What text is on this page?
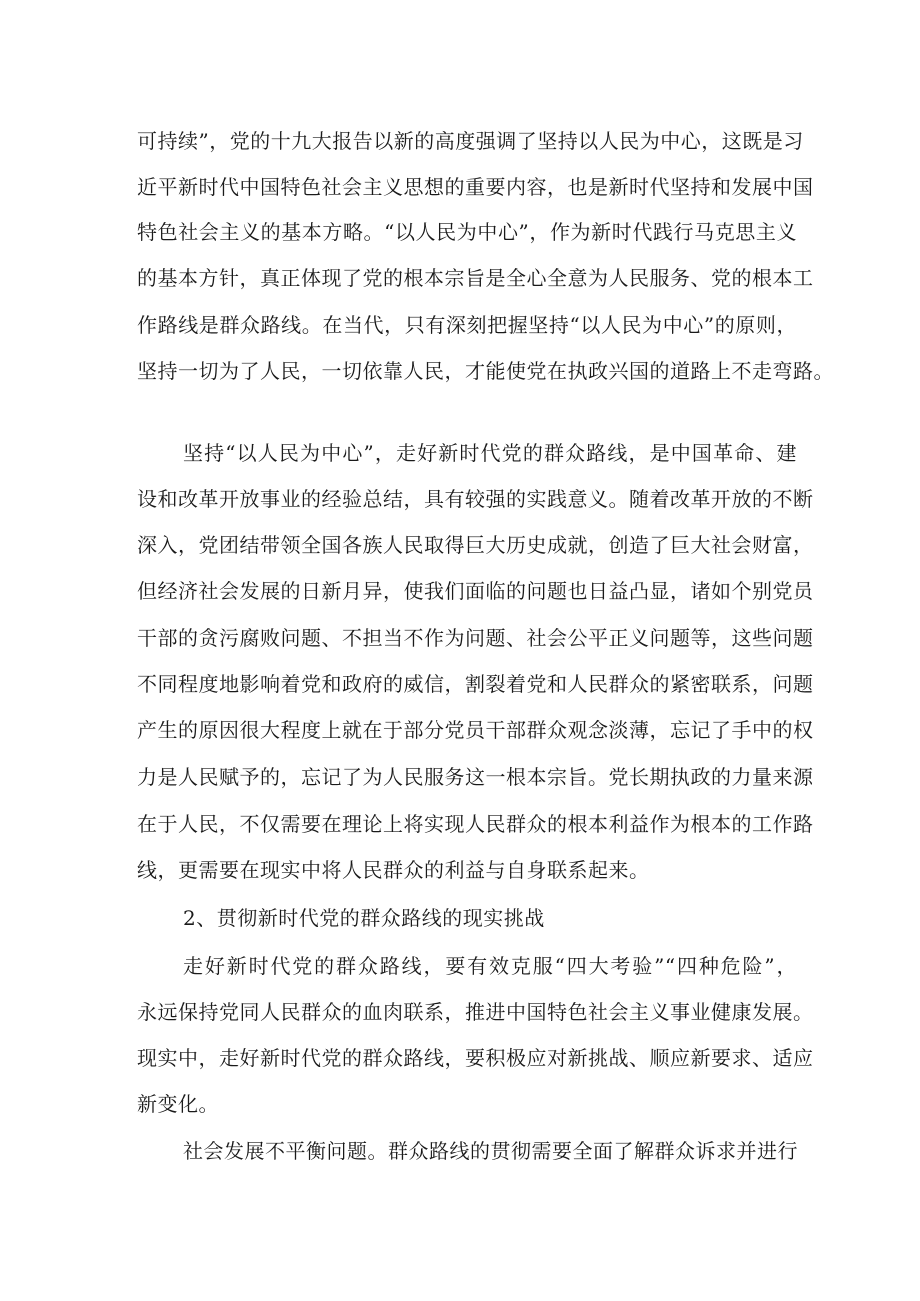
可持续”，党的十九大报告以新的高度强调了坚持以人民为中心，这既是习
近平新时代中国特色社会主义思想的重要内容，也是新时代坚持和发展中国
特色社会主义的基本方略。“以人民为中心”，作为新时代践行马克思主义
的基本方针，真正体现了党的根本宗旨是全心全意为人民服务、党的根本工
作路线是群众路线。在当代，只有深刻把握坚持“以人民为中心”的原则，
坚持一切为了人民，一切依靠人民，才能使党在执政兴国的道路上不走弯路。
坚持“以人民为中心”，走好新时代党的群众路线，是中国革命、建
设和改革开放事业的经验总结，具有较强的实践意义。随着改革开放的不断
深入，党团结带领全国各族人民取得巨大历史成就，创造了巨大社会财富，
但经济社会发展的日新月异，使我们面临的问题也日益凸显，诸如个别党员
干部的贪污腐败问题、不担当不作为问题、社会公平正义问题等，这些问题
不同程度地影响着党和政府的威信，割裂着党和人民群众的紧密联系，问题
产生的原因很大程度上就在于部分党员干部群众观念淡薄，忘记了手中的权
力是人民赋予的，忘记了为人民服务这一根本宗旨。党长期执政的力量来源
在于人民，不仅需要在理论上将实现人民群众的根本利益作为根本的工作路
线，更需要在现实中将人民群众的利益与自身联系起来。
2、贯彻新时代党的群众路线的现实挑战
走好新时代党的群众路线，要有效克服“四大考验”“四种危险”，
永远保持党同人民群众的血肉联系，推进中国特色社会主义事业健康发展。
现实中，走好新时代党的群众路线，要积极应对新挑战、顺应新要求、适应
新变化。
社会发展不平衡问题。群众路线的贯彻需要全面了解群众诉求并进行
